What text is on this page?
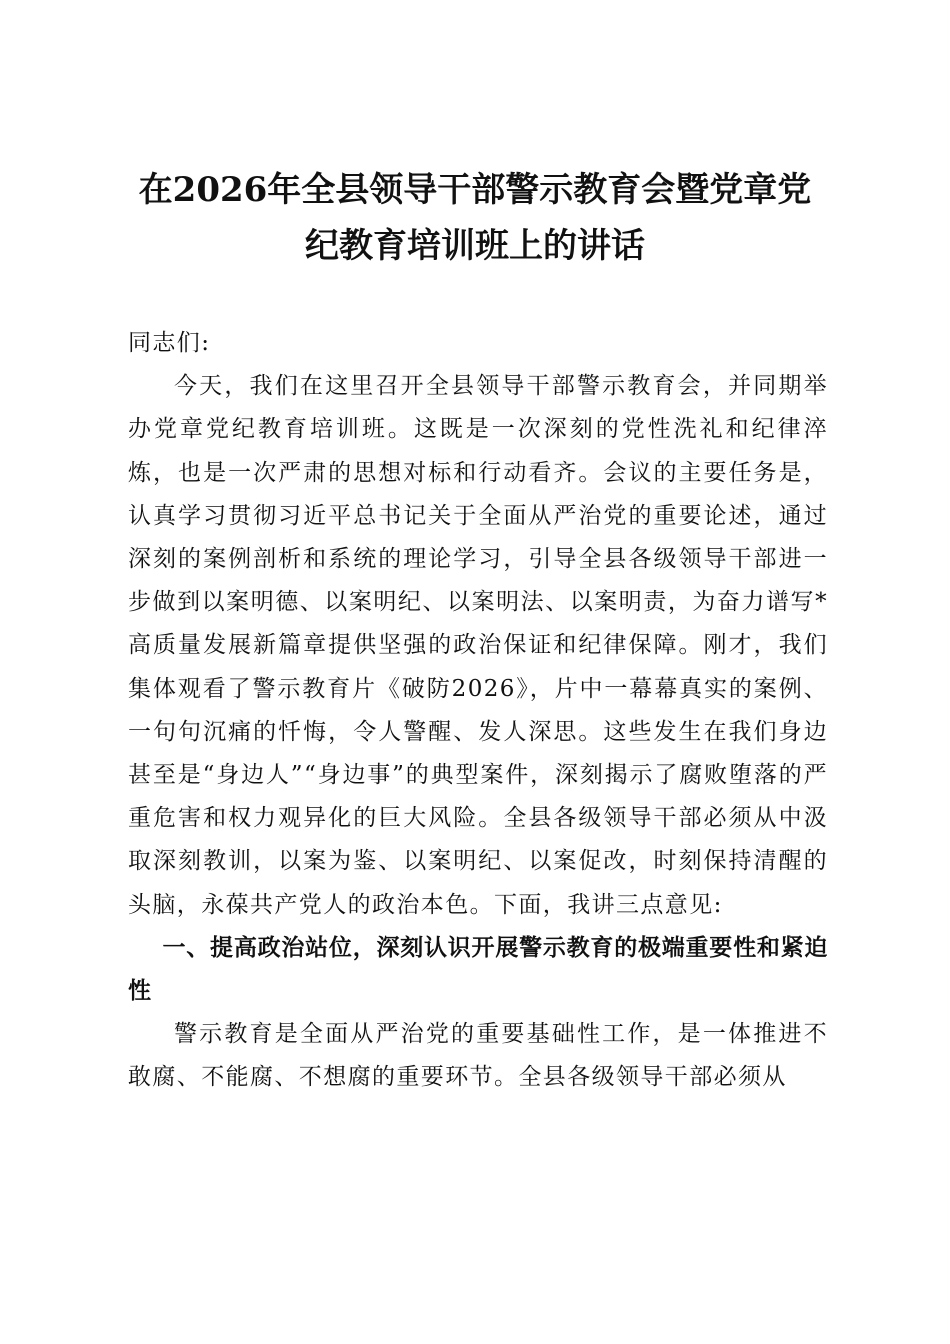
在2026年全县领导干部警示教育会暨党章党
纪教育培训班上的讲话

同志们:

今天，我们在这里召开全县领导干部警示教育会，并同期举办党章党纪教育培训班。这既是一次深刻的党性洗礼和纪律淬炼，也是一次严肃的思想对标和行动看齐。会议的主要任务是，认真学习贯彻习近平总书记关于全面从严治党的重要论述，通过深刻的案例剖析和系统的理论学习，引导全县各级领导干部进一步做到以案明德、以案明纪、以案明法、以案明责，为奋力谱写*高质量发展新篇章提供坚强的政治保证和纪律保障。刚才，我们集体观看了警示教育片《破防2026》，片中一幕幕真实的案例、一句句沉痛的忏悔，令人警醒、发人深思。这些发生在我们身边甚至是“身边人”“身边事”的典型案件，深刻揭示了腐败堕落的严重危害和权力观异化的巨大风险。全县各级领导干部必须从中汲取深刻教训，以案为鉴、以案明纪、以案促改，时刻保持清醒的头脑，永葆共产党人的政治本色。下面，我讲三点意见:

一、提高政治站位，深刻认识开展警示教育的极端重要性和紧迫性

警示教育是全面从严治党的重要基础性工作，是一体推进不敢腐、不能腐、不想腐的重要环节。全县各级领导干部必须从
